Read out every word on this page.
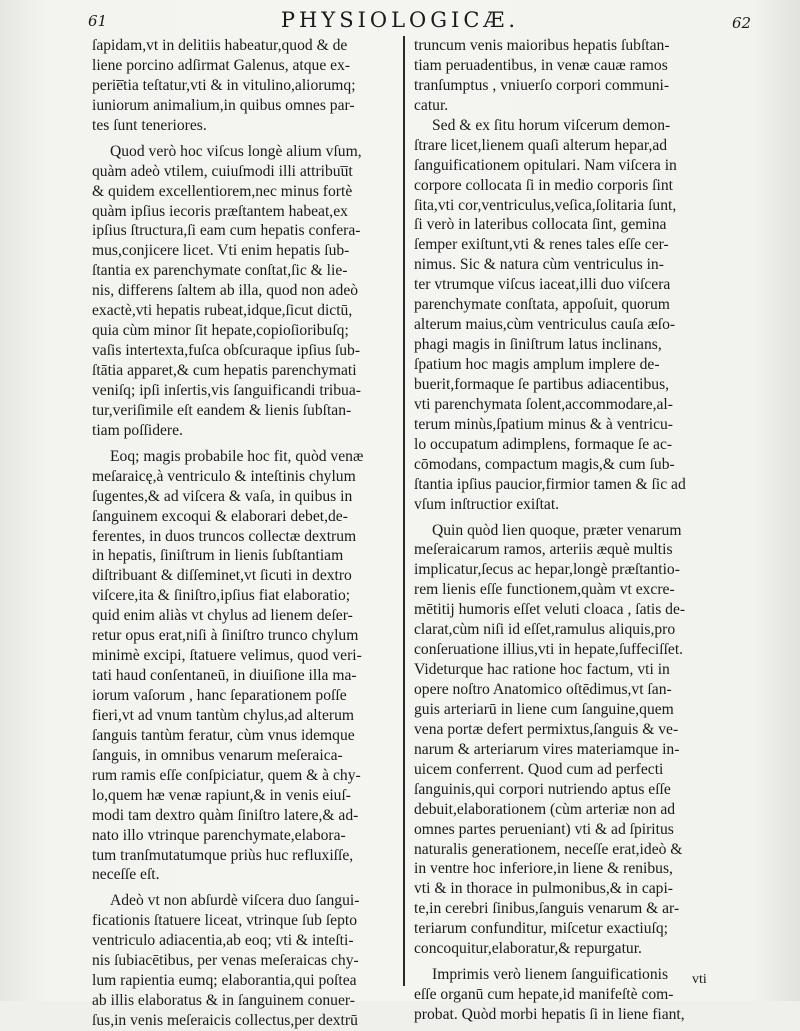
61	PHYSIOLOGICÆ.	62
ſapidam,vt in delitiis habeatur,quod & de
liene porcino adſirmat Galenus, atque ex-
perie̅tia teſtatur,vti & in vitulino,aliorumq;
iuniorum animalium,in quibus omnes par-
tes ſunt teneriores.
Quod verò hoc viſcus longè alium vſum,
quàm adeò vtilem, cuiuſmodi illi attribuu̅t
& quidem excellentiorem,nec minus fortè
quàm ipſius iecoris præſtantem habeat,ex
ipſius ſtructura,ſi eam cum hepatis confera-
mus,conjicere licet. Vti enim hepatis ſub-
ſtantia ex parenchymate conſtat,ſic & lie-
nis, differens ſaltem ab illa, quod non adeò
exactè,vti hepatis rubeat,idque,ſicut dictū,
quia cùm minor ſit hepate,copioſioribuſq;
vaſis intertexta,fuſca obſcuraque ipſius ſub-
ſtātia apparet,& cum hepatis parenchymati
veniſq; ipſi inſertis,vis ſanguificandi tribua-
tur,veriſimile eſt eandem & lienis ſubſtan-
tiam poſſidere.
Eoq; magis probabile hoc fit, quòd venæ
meſaraicę,à ventriculo & inteſtinis chylum
ſugentes,& ad viſcera & vaſa, in quibus in
ſanguinem excoqui & elaborari debet,de-
ferentes, in duos truncos collectæ dextrum
in hepatis, ſiniſtrum in lienis ſubſtantiam
diſtribuant & diſſeminet,vt ſicuti in dextro
viſcere,ita & ſiniſtro,ipſius fiat elaboratio;
quid enim aliàs vt chylus ad lienem deſer-
retur opus erat,niſi à ſiniſtro trunco chylum
minimè excipi, ſtatuere velimus, quod veri-
tati haud conſentaneū, in diuiſione illa ma-
iorum vaſorum , hanc ſeparationem poſſe
fieri,vt ad vnum tantùm chylus,ad alterum
ſanguis tantùm feratur, cùm vnus idemque
ſanguis, in omnibus venarum meſeraica-
rum ramis eſſe conſpiciatur, quem & à chy-
lo,quem hæ venæ rapiunt,& in venis eiuſ-
modi tam dextro quàm ſiniſtro latere,& ad-
nato illo vtrinque parenchymate,elabora-
tum tranſmutatumque priùs huc refluxiſſe,
neceſſe eſt.
Adeò vt non abſurdè viſcera duo ſangui-
ficationis ſtatuere liceat, vtrinque ſub ſepto
ventriculo adiacentia,ab eoq; vti & inteſti-
nis ſubiacētibus, per venas meſeraicas chy-
lum rapientia eumq; elaborantia,qui poſtea
ab illis elaboratus & in ſanguinem conuer-
ſus,in venis meſeraicis collectus,per dextrū
truncum venis maioribus hepatis ſubſtan-
tiam peruadentibus, in venæ cauæ ramos
tranſumptus , vniuerſo corpori communi-
catur.
Sed & ex ſitu horum viſcerum demon-
ſtrare licet,lienem quaſi alterum hepar,ad
ſanguificationem opitulari. Nam viſcera in
corpore collocata ſi in medio corporis ſint
ſita,vti cor,ventriculus,veſica,ſolitaria ſunt,
ſi verò in lateribus collocata ſint, gemina
ſemper exiſtunt,vti & renes tales eſſe cer-
nimus. Sic & natura cùm ventriculus in-
ter vtrumque viſcus iaceat,illi duo viſcera
parenchymate conſtata, appoſuit, quorum
alterum maius,cùm ventriculus cauſa æſo-
phagi magis in ſiniſtrum latus inclinans,
ſpatium hoc magis amplum implere de-
buerit,formaque ſe partibus adiacentibus,
vti parenchymata ſolent,accommodare,al-
terum minùs,ſpatium minus & à ventricu-
lo occupatum adimplens, formaque ſe ac-
cōmodans, compactum magis,& cum ſub-
ſtantia ipſius paucior,firmior tamen & ſic ad
vſum inſtructior exiſtat.
Quin quòd lien quoque, præter venarum
meſeraicarum ramos, arteriis æquè multis
implicatur,ſecus ac hepar,longè præſtantio-
rem lienis eſſe functionem,quàm vt excre-
mētitij humoris eſſet veluti cloaca , ſatis de-
clarat,cùm niſi id eſſet,ramulus aliquis,pro
conſeruatione illius,vti in hepate,ſuffeciſſet.
Videturque hac ratione hoc factum, vti in
opere noſtro Anatomico oſtēdimus,vt ſan-
guis arteriarū in liene cum ſanguine,quem
vena portæ defert permixtus,ſanguis & ve-
narum & arteriarum vires materiamque in-
uicem conferrent. Quod cum ad perfecti
ſanguinis,qui corpori nutriendo aptus eſſe
debuit,elaborationem (cùm arteriæ non ad
omnes partes perueniant) vti & ad ſpiritus
naturalis generationem, neceſſe erat,ideò &
in ventre hoc inferiore,in liene & renibus,
vti & in thorace in pulmonibus,& in capi-
te,in cerebri ſinibus,ſanguis venarum & ar-
teriarum confunditur, miſcetur exactiuſq;
concoquitur,elaboratur,& repurgatur.
Imprimis verò lienem ſanguificationis
eſſe organū cum hepate,id manifeſtè com-
probat. Quòd morbi hepatis ſi in liene fiant,
vti
